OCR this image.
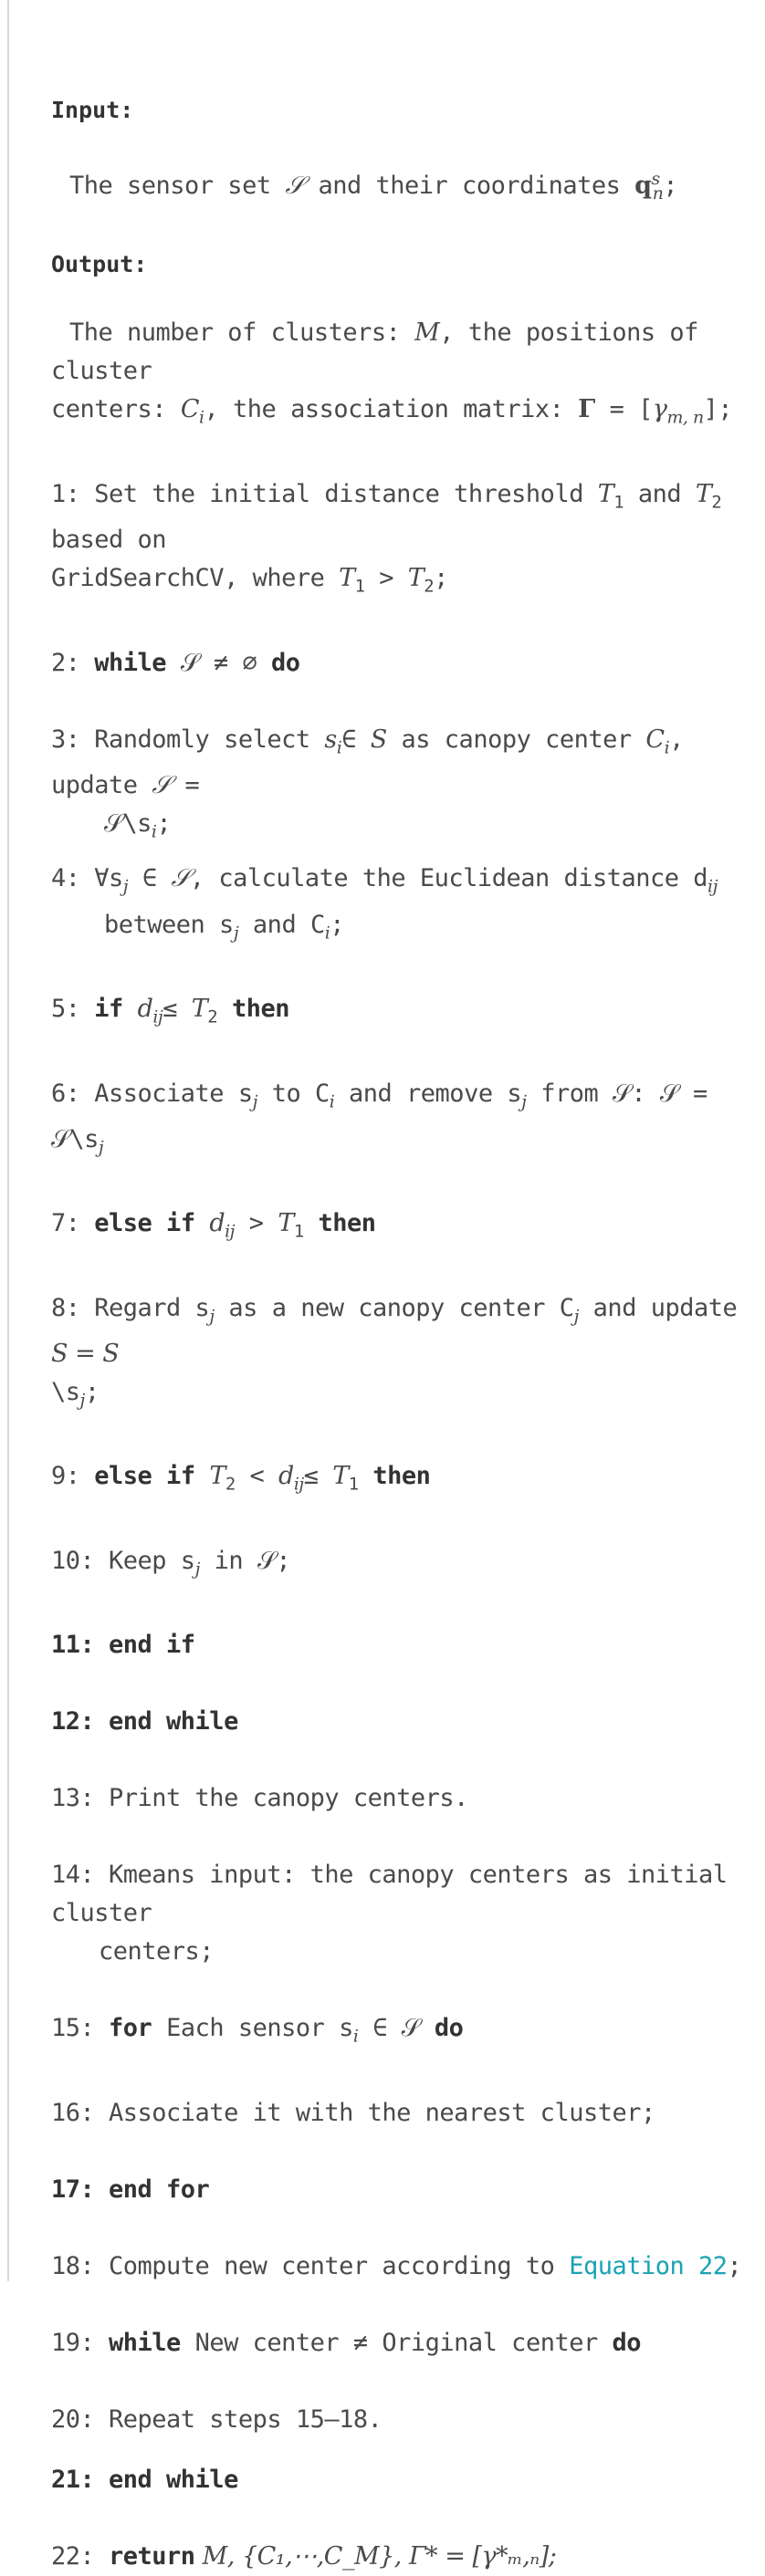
Input:

The sensor set 𝒮 and their coordinates $q^s_n$;

Output:

The number of clusters: M, the positions of cluster
centers: $C_i$, the association matrix: $\Gamma = [\gamma_{m, n}]$;

1: Set the initial distance threshold $T_1$ and $T_2$ based on
GridSearchCV, where $T_1 > T_2$;

2: while 𝒮 ≠ ∅ do

3: Randomly select $s_i\in$ S as canopy center $C_i$, update 𝒮 =
$𝒮\backslash s_i$;

4: $\forall s_j$ ∈ 𝒮, calculate the Euclidean distance $d_{ij}$
between $s_j$ and $C_i$;

5: if $d_{ij}\le T_2$ then

6: Associate $s_j$ to $C_i$ and remove $s_j$ from 𝒮: 𝒮 = $𝒮\backslash s_j$

7: else if $d_{ij} > T_1$ then

8: Regard $s_j$ as a new canopy center $C_j$ and update S = S
$\backslash s_j$;

9: else if $T_2 < d_{ij}\le T_1$ then

10: Keep $s_j$ in 𝒮;

11: end if

12: end while

13: Print the canopy centers.

14: Kmeans input: the canopy centers as initial cluster
centers;

15: for Each sensor $s_i$ ∈ 𝒮 do

16: Associate it with the nearest cluster;

17: end for

18: Compute new center according to Equation 22;

19: while New center ≠ Original center do

20: Repeat steps 15–18.

21: end while

22: return M, {C₁,⋯,C_M}, Γ* = [γ*ₘ,ₙ];
